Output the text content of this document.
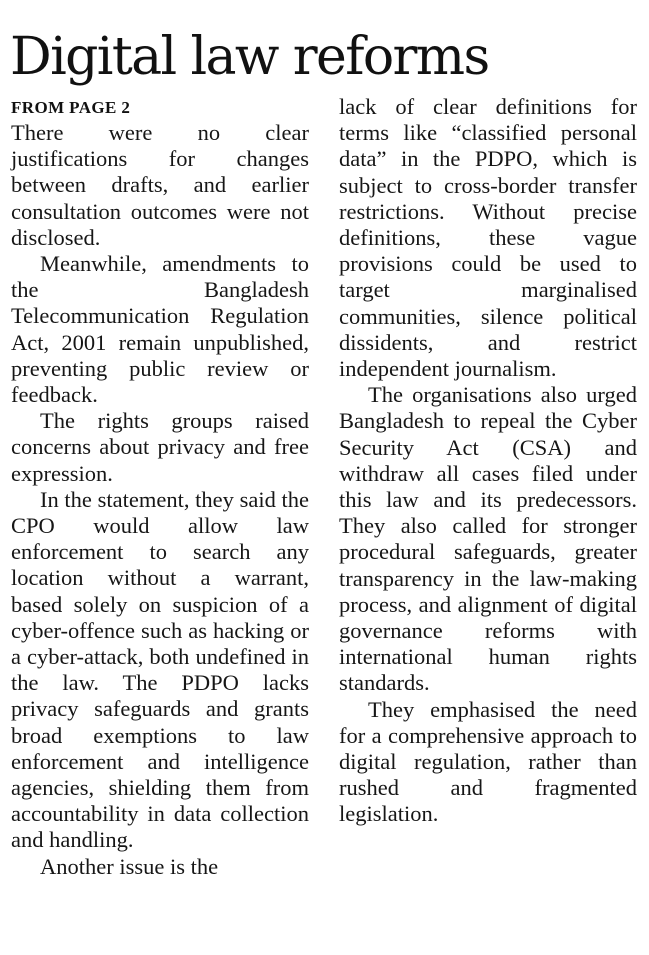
Digital law reforms
FROM PAGE 2

There were no clear justifications for changes between drafts, and earlier consultation outcomes were not disclosed.

Meanwhile, amendments to the Bangladesh Telecommunication Regulation Act, 2001 remain unpublished, preventing public review or feedback.

The rights groups raised concerns about privacy and free expression.

In the statement, they said the CPO would allow law enforcement to search any location without a warrant, based solely on suspicion of a cyber-offence such as hacking or a cyber-attack, both undefined in the law. The PDPO lacks privacy safeguards and grants broad exemptions to law enforcement and intelligence agencies, shielding them from accountability in data collection and handling.

Another issue is the

lack of clear definitions for terms like “classified personal data” in the PDPO, which is subject to cross-border transfer restrictions. Without precise definitions, these vague provisions could be used to target marginalised communities, silence political dissidents, and restrict independent journalism.

The organisations also urged Bangladesh to repeal the Cyber Security Act (CSA) and withdraw all cases filed under this law and its predecessors. They also called for stronger procedural safeguards, greater transparency in the law-making process, and alignment of digital governance reforms with international human rights standards.

They emphasised the need for a comprehensive approach to digital regulation, rather than rushed and fragmented legislation.
